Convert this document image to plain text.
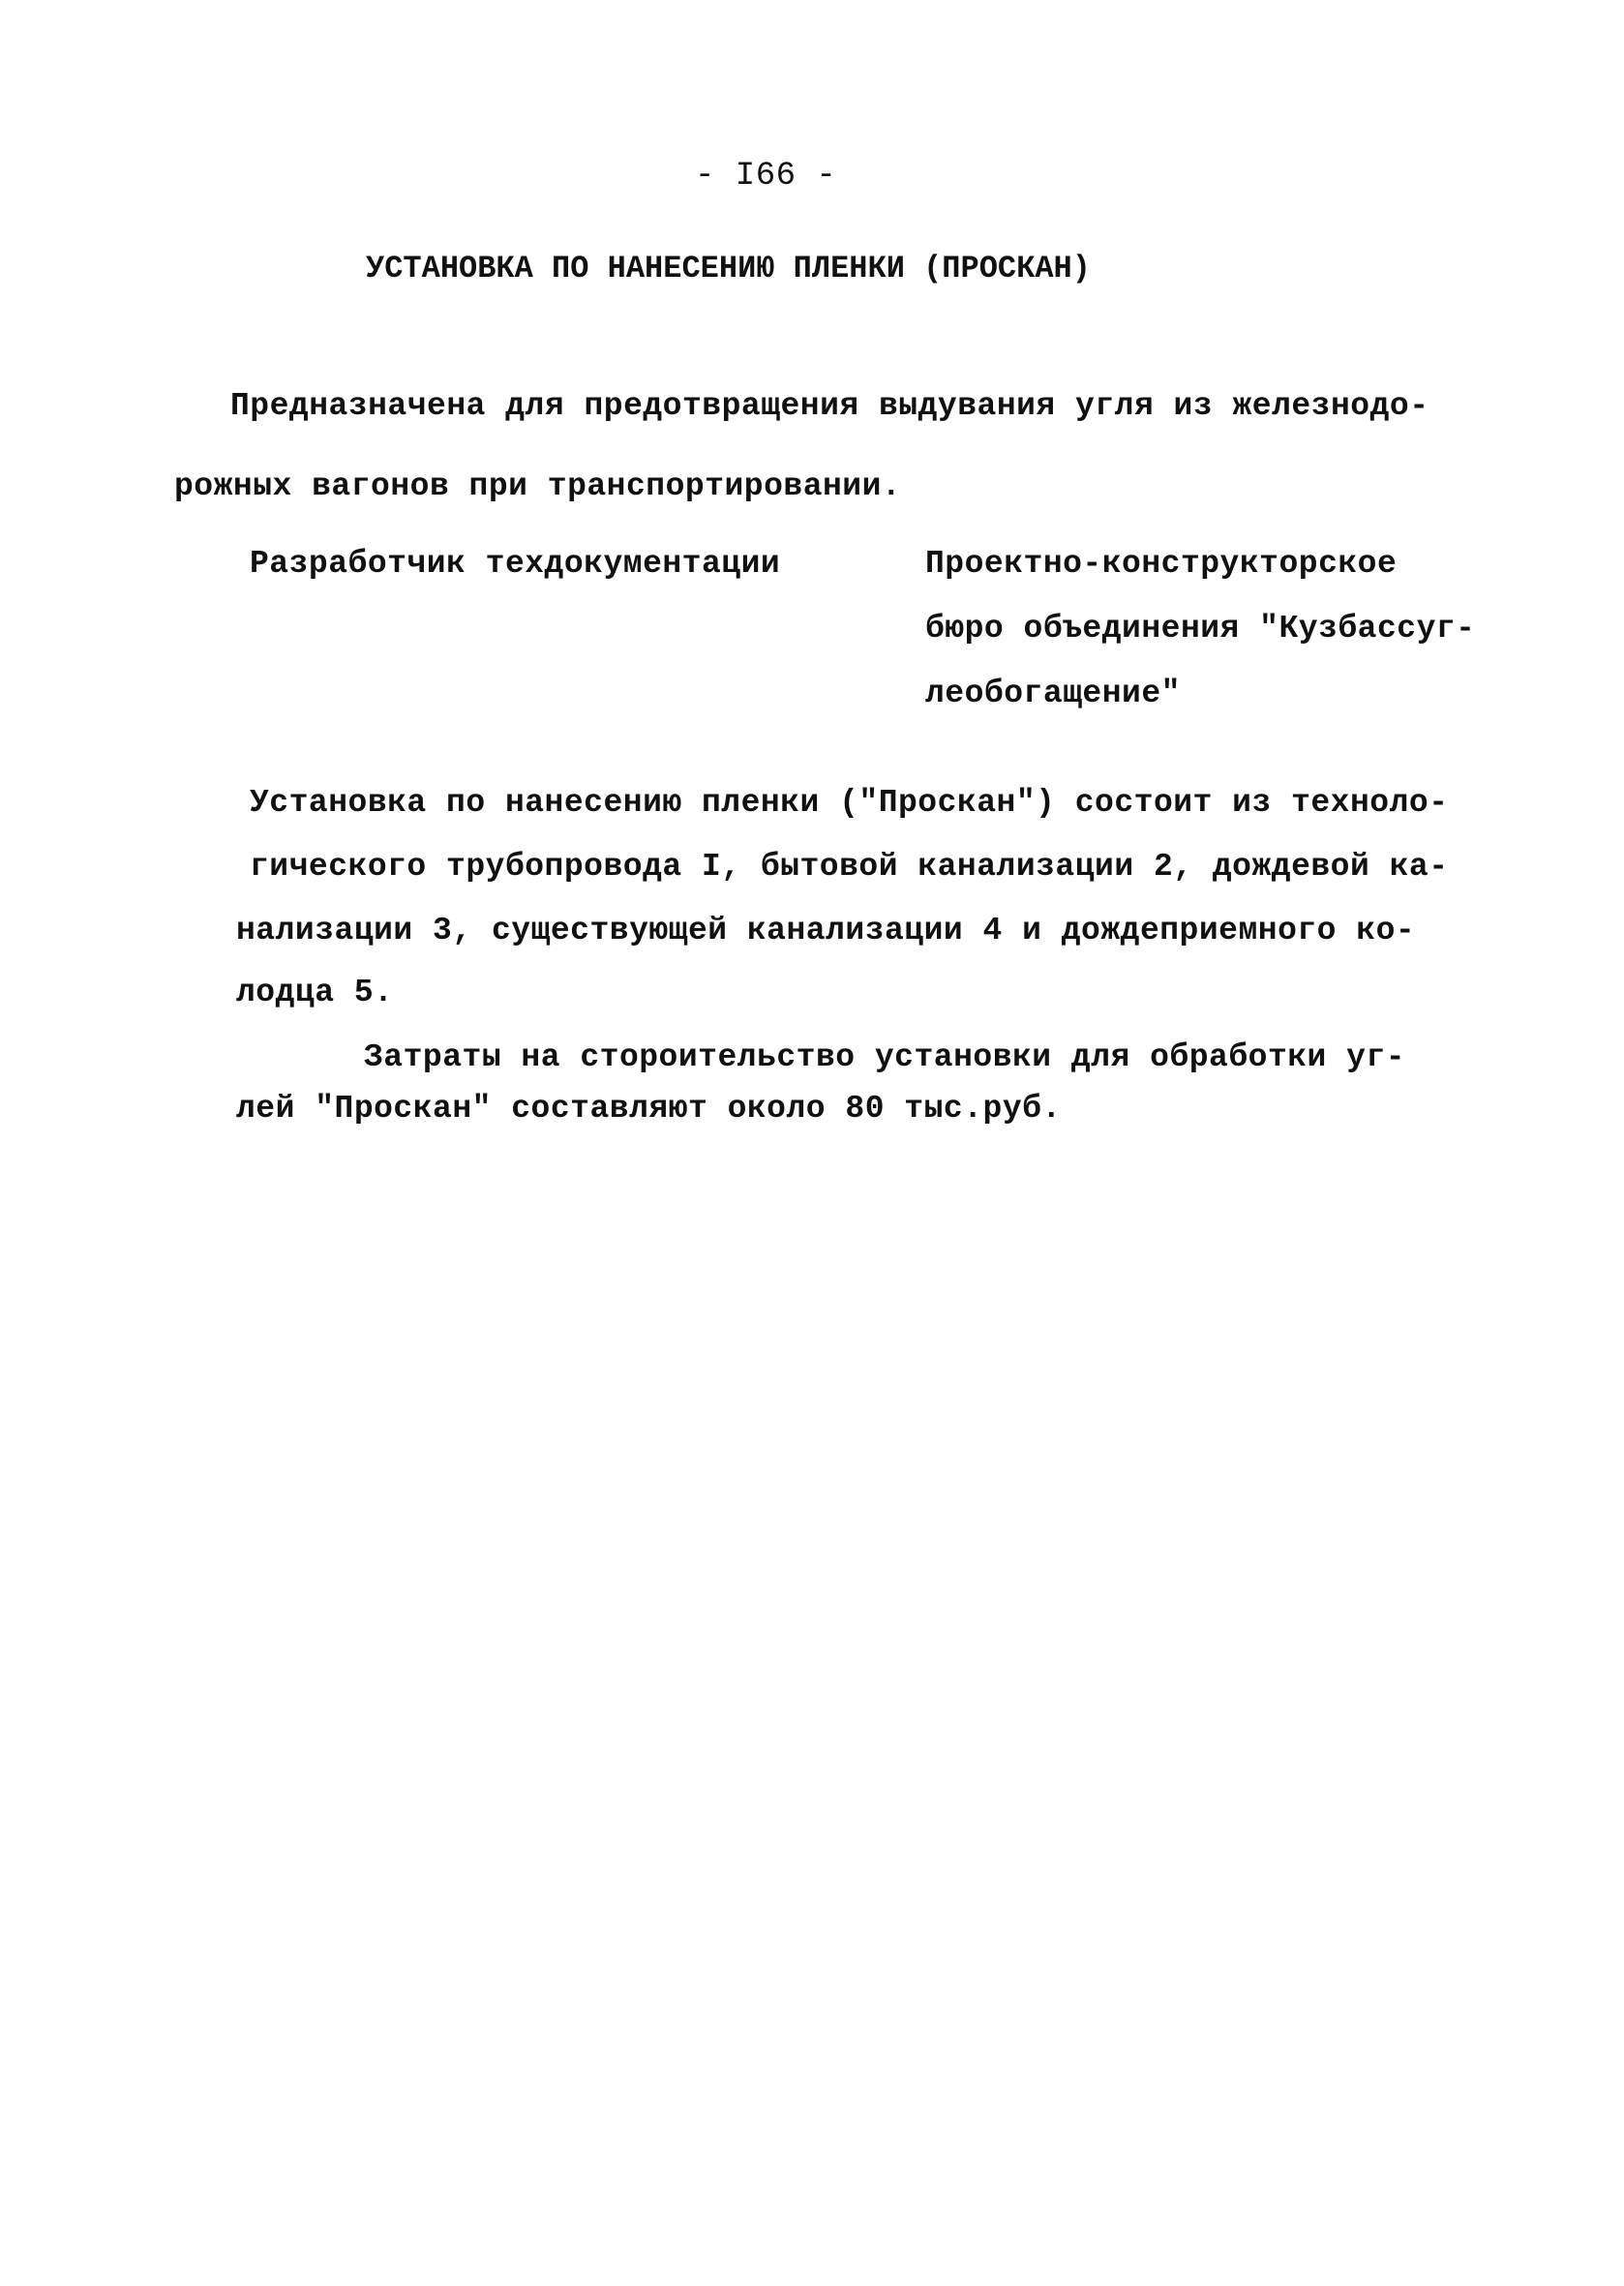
- I66 -
УСТАНОВКА ПО НАНЕСЕНИЮ ПЛЕНКИ (ПРОСКАН)
Предназначена для предотвращения выдувания угля из железнодо-
рожных вагонов при транспортировании.
Разработчик техдокументации	Проектно-конструкторское
бюро объединения "Кузбассуг-
леобогащение"
Установка по нанесению пленки ("Проскан") состоит из техноло-
гического трубопровода I, бытовой канализации 2, дождевой ка-
нализации 3, существующей канализации 4 и дождеприемного ко-
лодца 5.
Затраты на стороительство установки для обработки уг-
лей "Проскан" составляют около 80 тыс.руб.
